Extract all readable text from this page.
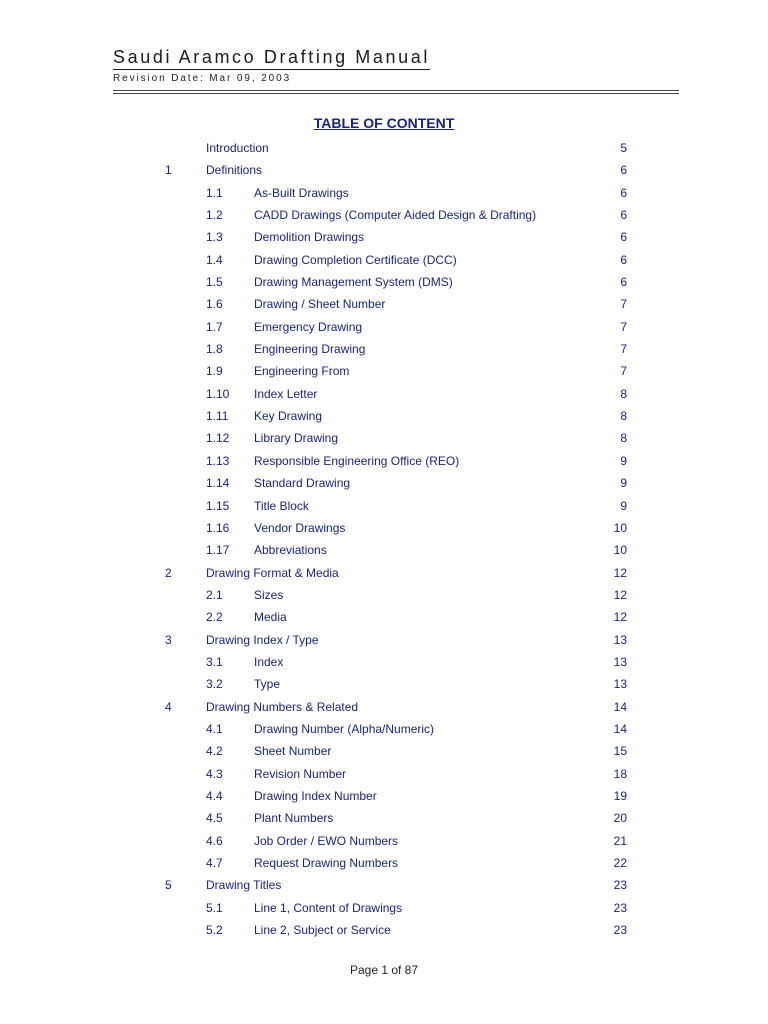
Saudi Aramco Drafting Manual
Revision Date: Mar 09, 2003
TABLE OF CONTENT
Introduction	5
1	Definitions	6
1.1	As-Built Drawings	6
1.2	CADD Drawings (Computer Aided Design & Drafting)	6
1.3	Demolition Drawings	6
1.4	Drawing Completion Certificate (DCC)	6
1.5	Drawing Management System (DMS)	6
1.6	Drawing / Sheet Number	7
1.7	Emergency Drawing	7
1.8	Engineering Drawing	7
1.9	Engineering From	7
1.10 Index Letter	8
1.11 Key Drawing	8
1.12 Library Drawing	8
1.13 Responsible Engineering Office (REO)	9
1.14 Standard Drawing	9
1.15 Title Block	9
1.16 Vendor Drawings	10
1.17 Abbreviations	10
2	Drawing Format & Media	12
2.1	Sizes	12
2.2	Media	12
3	Drawing Index / Type	13
3.1	Index	13
3.2	Type	13
4	Drawing Numbers & Related	14
4.1	Drawing Number (Alpha/Numeric)	14
4.2	Sheet Number	15
4.3	Revision Number	18
4.4	Drawing Index Number	19
4.5	Plant Numbers	20
4.6	Job Order / EWO Numbers	21
4.7	Request Drawing Numbers	22
5	Drawing Titles	23
5.1	Line 1, Content of Drawings	23
5.2	Line 2, Subject or Service	23
Page 1 of 87
